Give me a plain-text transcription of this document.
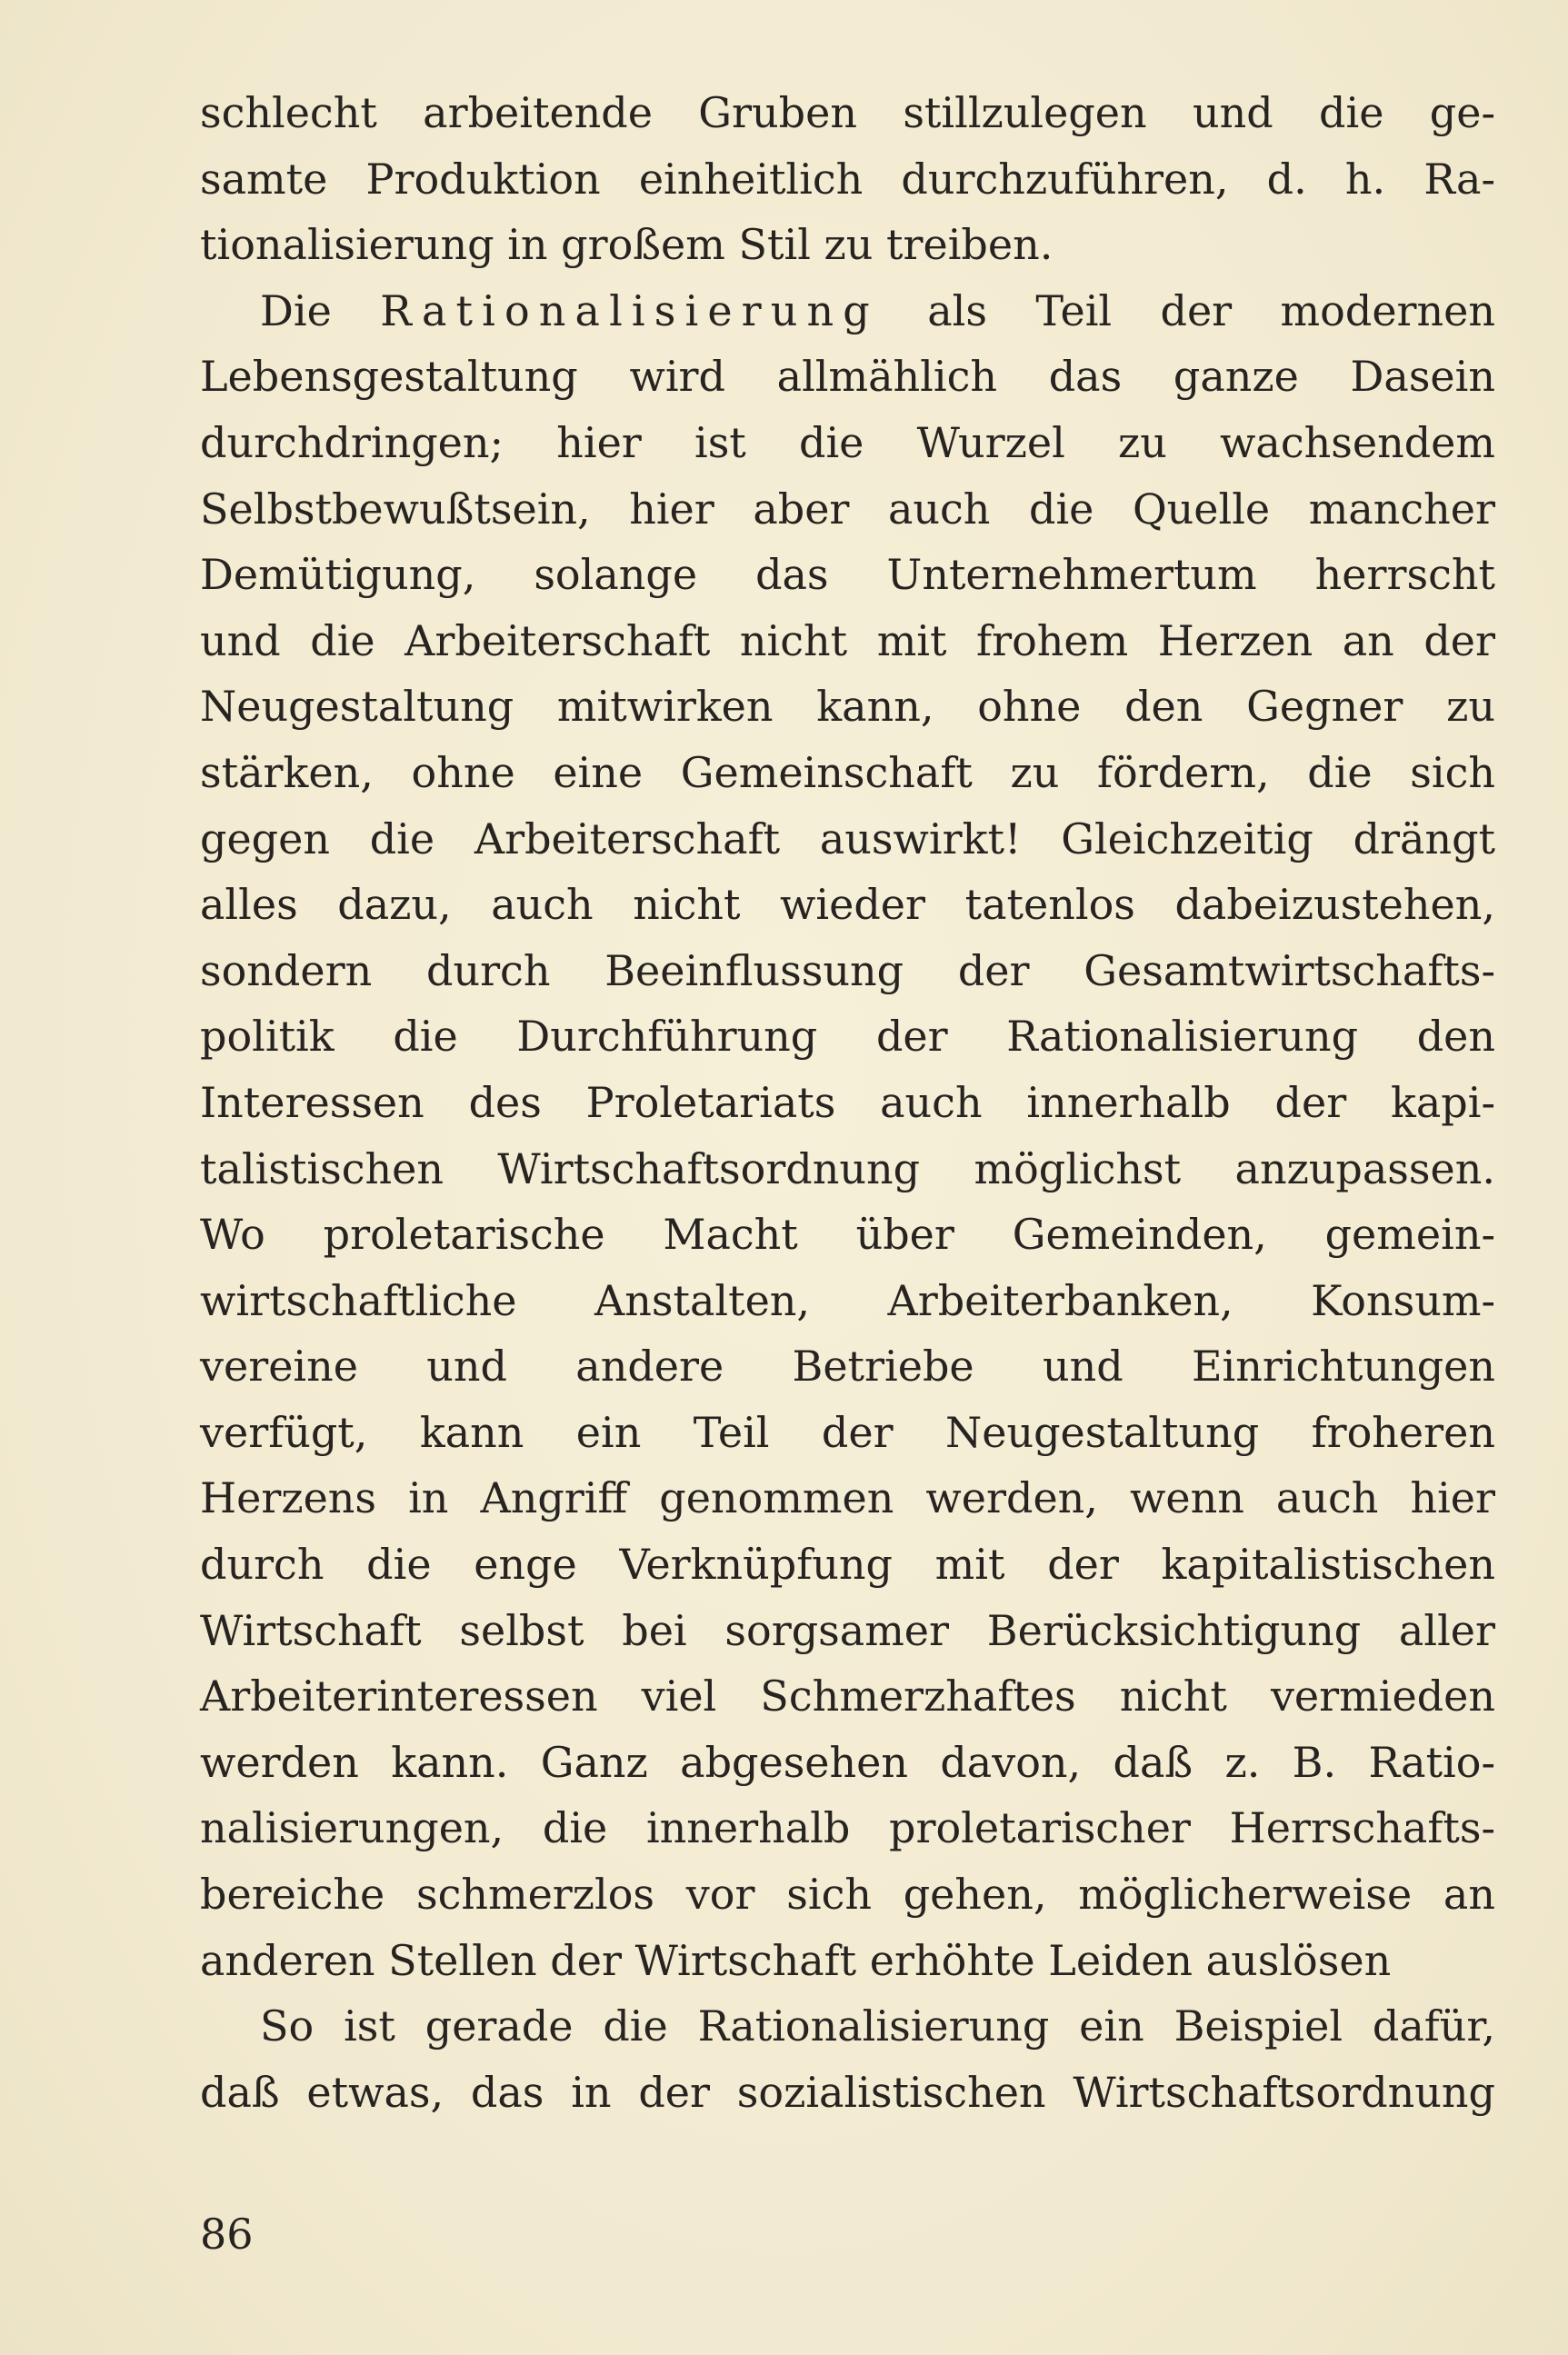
schlecht arbeitende Gruben stillzulegen und die ge-
samte Produktion einheitlich durchzuführen, d. h. Ra-
tionalisierung in großem Stil zu treiben.
Die Rationalisierung als Teil der modernen
Lebensgestaltung wird allmählich das ganze Dasein
durchdringen; hier ist die Wurzel zu wachsendem
Selbstbewußtsein, hier aber auch die Quelle mancher
Demütigung, solange das Unternehmertum herrscht
und die Arbeiterschaft nicht mit frohem Herzen an der
Neugestaltung mitwirken kann, ohne den Gegner zu
stärken, ohne eine Gemeinschaft zu fördern, die sich
gegen die Arbeiterschaft auswirkt! Gleichzeitig drängt
alles dazu, auch nicht wieder tatenlos dabeizustehen,
sondern durch Beeinflussung der Gesamtwirtschafts-
politik die Durchführung der Rationalisierung den
Interessen des Proletariats auch innerhalb der kapi-
talistischen Wirtschaftsordnung möglichst anzupassen.
Wo proletarische Macht über Gemeinden, gemein-
wirtschaftliche Anstalten, Arbeiterbanken, Konsum-
vereine und andere Betriebe und Einrichtungen
verfügt, kann ein Teil der Neugestaltung froheren
Herzens in Angriff genommen werden, wenn auch hier
durch die enge Verknüpfung mit der kapitalistischen
Wirtschaft selbst bei sorgsamer Berücksichtigung aller
Arbeiterinteressen viel Schmerzhaftes nicht vermieden
werden kann. Ganz abgesehen davon, daß z. B. Ratio-
nalisierungen, die innerhalb proletarischer Herrschafts-
bereiche schmerzlos vor sich gehen, möglicherweise an
anderen Stellen der Wirtschaft erhöhte Leiden auslösen
So ist gerade die Rationalisierung ein Beispiel dafür,
daß etwas, das in der sozialistischen Wirtschaftsordnung
86
